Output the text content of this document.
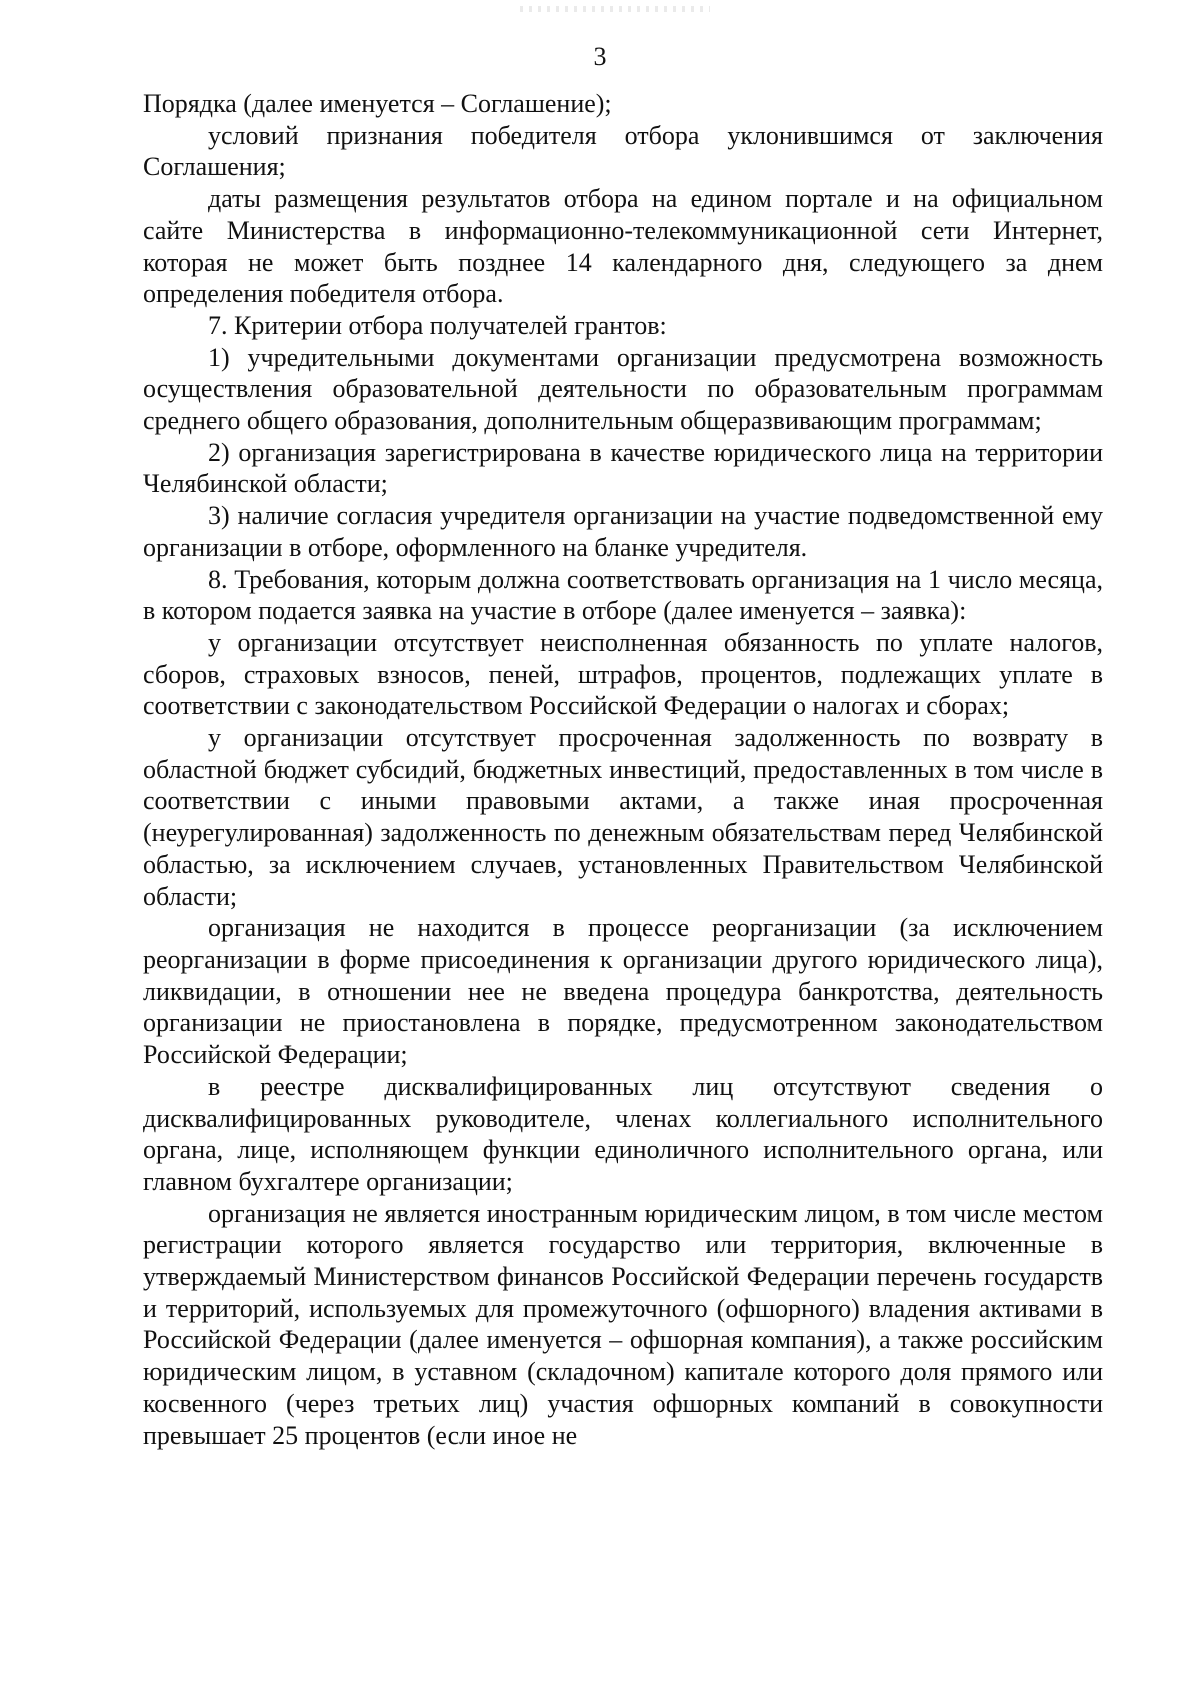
3

Порядка (далее именуется – Соглашение);

условий признания победителя отбора уклонившимся от заключения Соглашения;

даты размещения результатов отбора на едином портале и на официальном сайте Министерства в информационно-телекоммуникационной сети Интернет, которая не может быть позднее 14 календарного дня, следующего за днем определения победителя отбора.

7. Критерии отбора получателей грантов:

1) учредительными документами организации предусмотрена возможность осуществления образовательной деятельности по образовательным программам среднего общего образования, дополнительным общеразвивающим программам;

2) организация зарегистрирована в качестве юридического лица на территории Челябинской области;

3) наличие согласия учредителя организации на участие подведомственной ему организации в отборе, оформленного на бланке учредителя.

8. Требования, которым должна соответствовать организация на 1 число месяца, в котором подается заявка на участие в отборе (далее именуется – заявка):

у организации отсутствует неисполненная обязанность по уплате налогов, сборов, страховых взносов, пеней, штрафов, процентов, подлежащих уплате в соответствии с законодательством Российской Федерации о налогах и сборах;

у организации отсутствует просроченная задолженность по возврату в областной бюджет субсидий, бюджетных инвестиций, предоставленных в том числе в соответствии с иными правовыми актами, а также иная просроченная (неурегулированная) задолженность по денежным обязательствам перед Челябинской областью, за исключением случаев, установленных Правительством Челябинской области;

организация не находится в процессе реорганизации (за исключением реорганизации в форме присоединения к организации другого юридического лица), ликвидации, в отношении нее не введена процедура банкротства, деятельность организации не приостановлена в порядке, предусмотренном законодательством Российской Федерации;

в реестре дисквалифицированных лиц отсутствуют сведения о дисквалифицированных руководителе, членах коллегиального исполнительного органа, лице, исполняющем функции единоличного исполнительного органа, или главном бухгалтере организации;

организация не является иностранным юридическим лицом, в том числе местом регистрации которого является государство или территория, включенные в утверждаемый Министерством финансов Российской Федерации перечень государств и территорий, используемых для промежуточного (офшорного) владения активами в Российской Федерации (далее именуется – офшорная компания), а также российским юридическим лицом, в уставном (складочном) капитале которого доля прямого или косвенного (через третьих лиц) участия офшорных компаний в совокупности превышает 25 процентов (если иное не
